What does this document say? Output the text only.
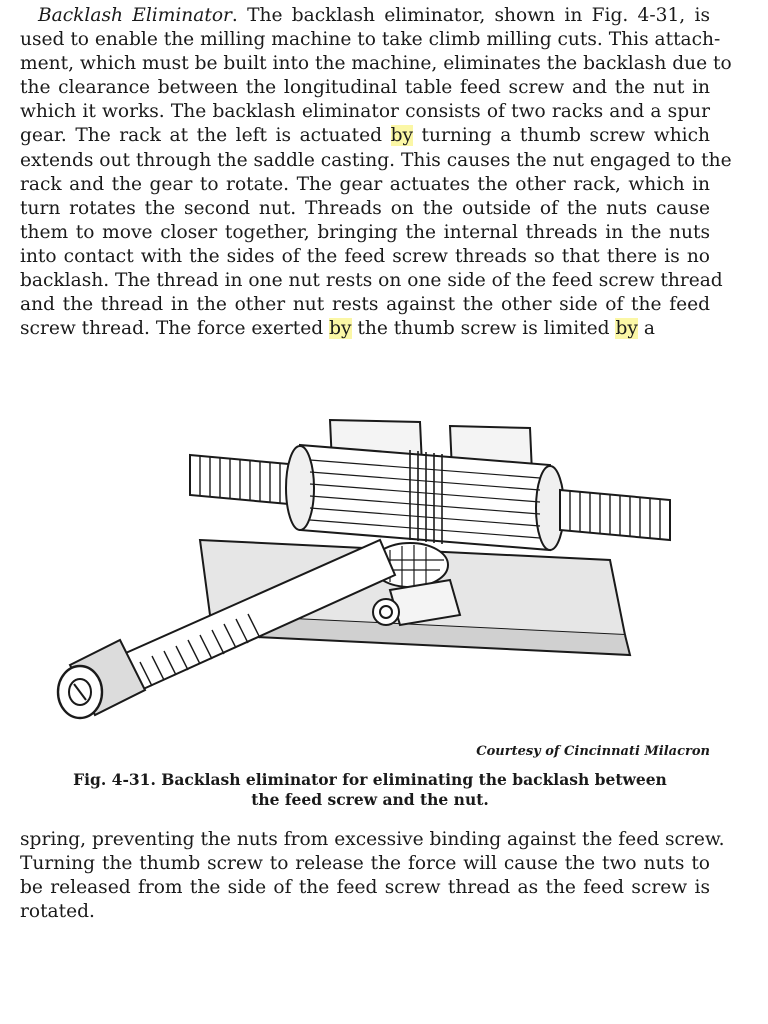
Backlash Eliminator. The backlash eliminator, shown in Fig. 4-31, is
used to enable the milling machine to take climb milling cuts. This attach-
ment, which must be built into the machine, eliminates the backlash due to
the clearance between the longitudinal table feed screw and the nut in
which it works. The backlash eliminator consists of two racks and a spur
gear. The rack at the left is actuated by turning a thumb screw which
extends out through the saddle casting. This causes the nut engaged to the
rack and the gear to rotate. The gear actuates the other rack, which in
turn rotates the second nut. Threads on the outside of the nuts cause
them to move closer together, bringing the internal threads in the nuts
into contact with the sides of the feed screw threads so that there is no
backlash. The thread in one nut rests on one side of the feed screw thread
and the thread in the other nut rests against the other side of the feed
screw thread. The force exerted by the thumb screw is limited by a

Courtesy of Cincinnati Milacron
Fig. 4-31. Backlash eliminator for eliminating the backlash between
the feed screw and the nut.

spring, preventing the nuts from excessive binding against the feed screw.
Turning the thumb screw to release the force will cause the two nuts to
be released from the side of the feed screw thread as the feed screw is
rotated.
